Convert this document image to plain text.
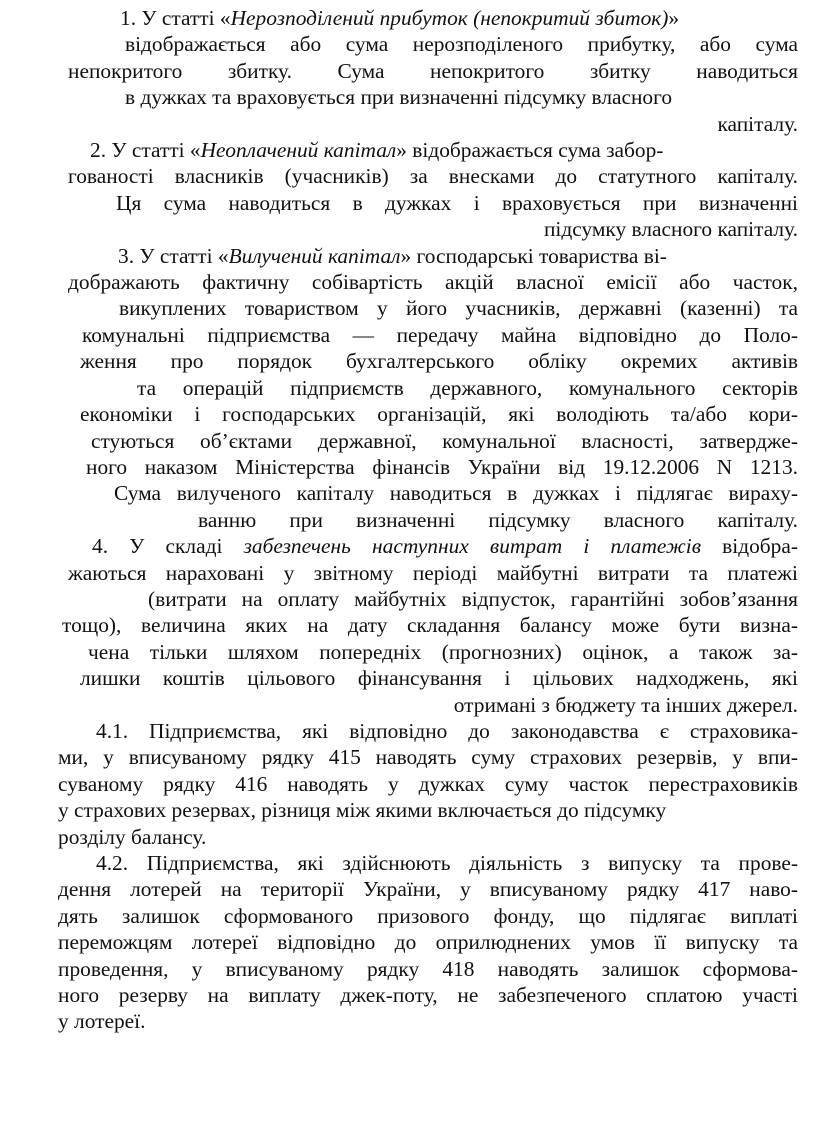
1. У статті «Нерозподілений прибуток (непокритий збиток)»
відображається або сума нерозподіленого прибутку, або сума
непокритого збитку. Сума непокритого збитку наводиться
в дужках та враховується при визначенні підсумку власного
капіталу.

2. У статті «Неоплачений капітал» відображається сума забор-
гованості власників (учасників) за внесками до статутного капіталу.
Ця сума наводиться в дужках і враховується при визначенні
підсумку власного капіталу.

3. У статті «Вилучений капітал» господарські товариства ві-
дображають фактичну собівартість акцій власної емісії або часток,
викуплених товариством у його учасників, державні (казенні) та
комунальні підприємства — передачу майна відповідно до Поло-
ження про порядок бухгалтерського обліку окремих активів
та операцій підприємств державного, комунального секторів
економіки і господарських організацій, які володіють та/або кори-
стуються об’єктами державної, комунальної власності, затвердже-
ного наказом Міністерства фінансів України від 19.12.2006 N 1213.
Сума вилученого капіталу наводиться в дужках і підлягає вираху-
ванню при визначенні підсумку власного капіталу.

4. У складі забезпечень наступних витрат і платежів відобра-
жаються нараховані у звітному періоді майбутні витрати та платежі
(витрати на оплату майбутніх відпусток, гарантійні зобов’язання
тощо), величина яких на дату складання балансу може бути визна-
чена тільки шляхом попередніх (прогнозних) оцінок, а також за-
лишки коштів цільового фінансування і цільових надходжень, які
отримані з бюджету та інших джерел.

4.1. Підприємства, які відповідно до законодавства є страховика-
ми, у вписуваному рядку 415 наводять суму страхових резервів, у впи-
суваному рядку 416 наводять у дужках суму часток перестраховиків
у страхових резервах, різниця між якими включається до підсумку
розділу балансу.

4.2. Підприємства, які здійснюють діяльність з випуску та прове-
дення лотерей на території України, у вписуваному рядку 417 наво-
дять залишок сформованого призового фонду, що підлягає виплаті
переможцям лотереї відповідно до оприлюднених умов її випуску та
проведення, у вписуваному рядку 418 наводять залишок сформова-
ного резерву на виплату джек-поту, не забезпеченого сплатою участі
у лотереї.
